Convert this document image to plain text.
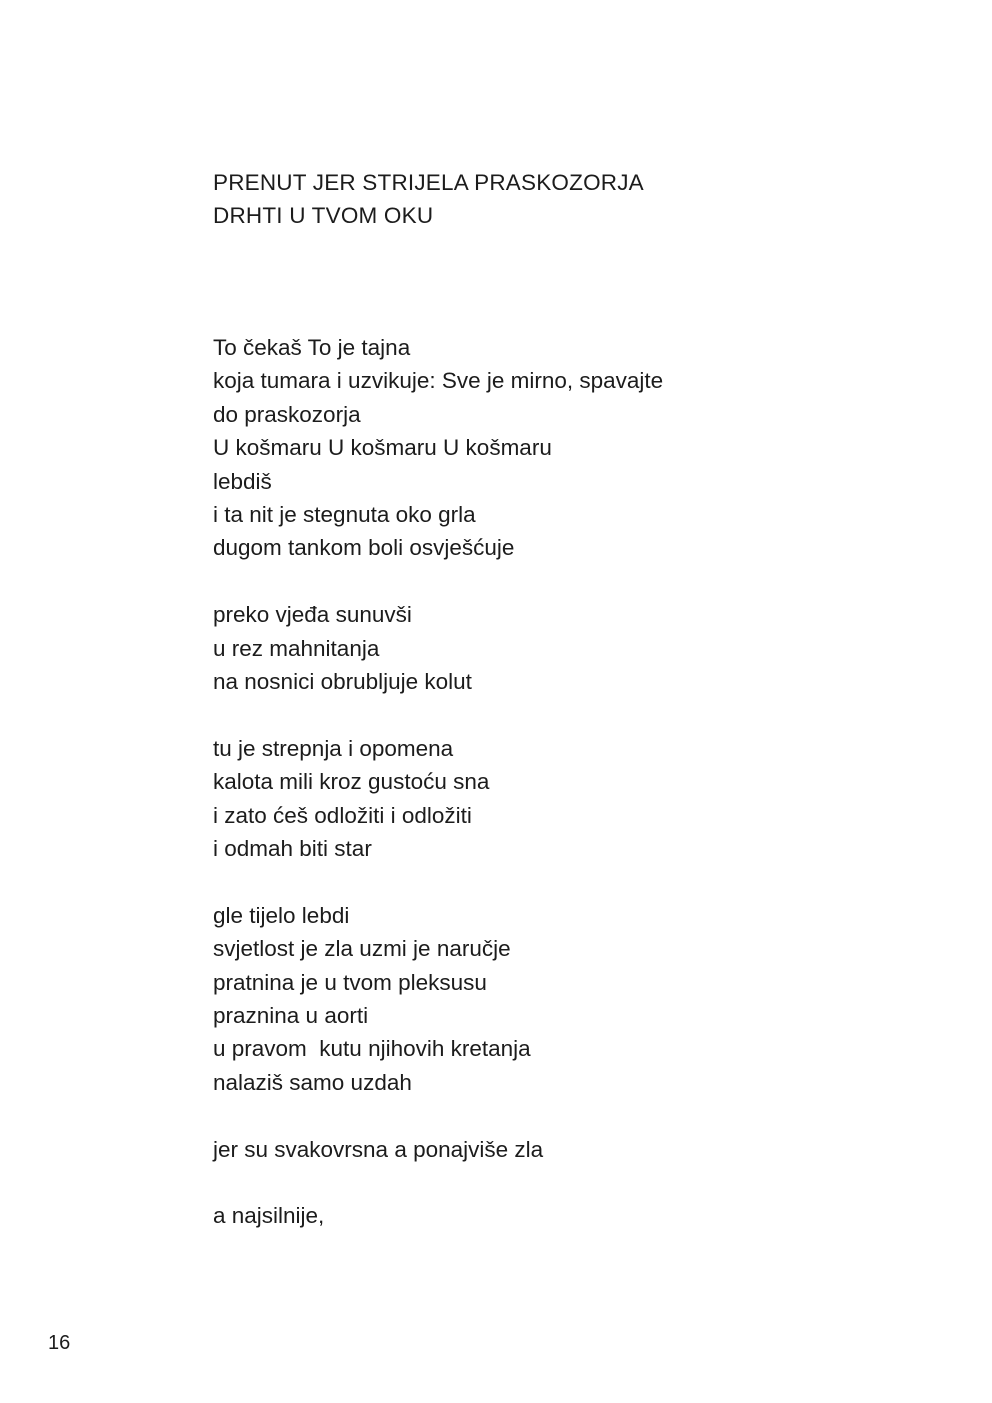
PRENUT JER STRIJELA PRASKOZORJA
DRHTI U TVOM OKU
To čekaš To je tajna
koja tumara i uzvikuje: Sve je mirno, spavajte
do praskozorja
U košmaru U košmaru U košmaru
lebdiš
i ta nit je stegnuta oko grla
dugom tankom boli osvješćuje
preko vjeđa sunuvši
u rez mahnitanja
na nosnici obrubljuje kolut
tu je strepnja i opomena
kalota mili kroz gustoću sna
i zato ćeš odložiti i odložiti
i odmah biti star
gle tijelo lebdi
svjetlost je zla uzmi je naručje
pratnina je u tvom pleksusu
praznina u aorti
u pravom  kutu njihovih kretanja
nalaziš samo uzdah
jer su svakovrsna a ponajviše zla
a najsilnije,
16
